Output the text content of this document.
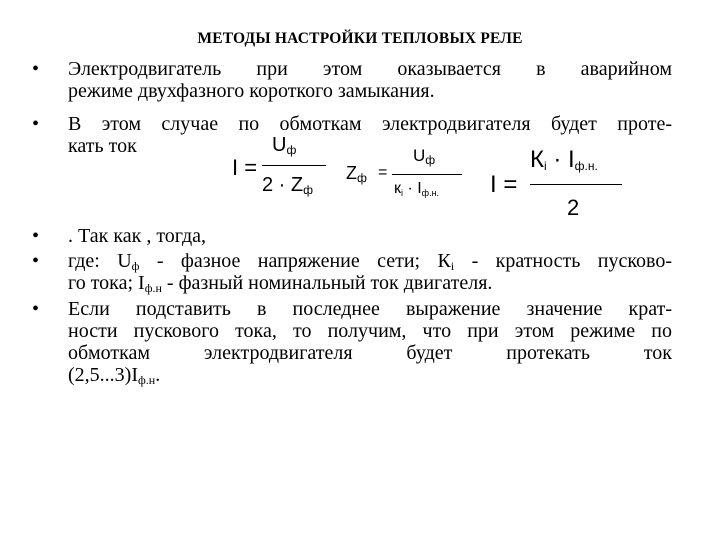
МЕТОДЫ НАСТРОЙКИ ТЕПЛОВЫХ РЕЛЕ
• Электродвигатель при этом оказывается в аварийном
режиме двухфазного короткого замыкания.
• В этом случае по обмоткам электродвигателя будет проте-
кать ток
I =
$U_ф$
$2 \cdot Z_ф$
$Z_ф$ =
$U_ф$
$к_i \cdot I_{ф.н.}$ I =
$К_i \cdot I_{ф.н.}$
2
• . Так как , тогда,
• где: $U_ф$ - фазное напряжение сети; $К_i$ - кратность пусково-
го тока; $I_{ф.н}$ - фазный номинальный ток двигателя.
• Если подставить в последнее выражение значение крат-
ности пускового тока, то получим, что при этом режиме по
обмоткам электродвигателя будет протекать ток
$(2,5...3)I_{ф.н}$.
